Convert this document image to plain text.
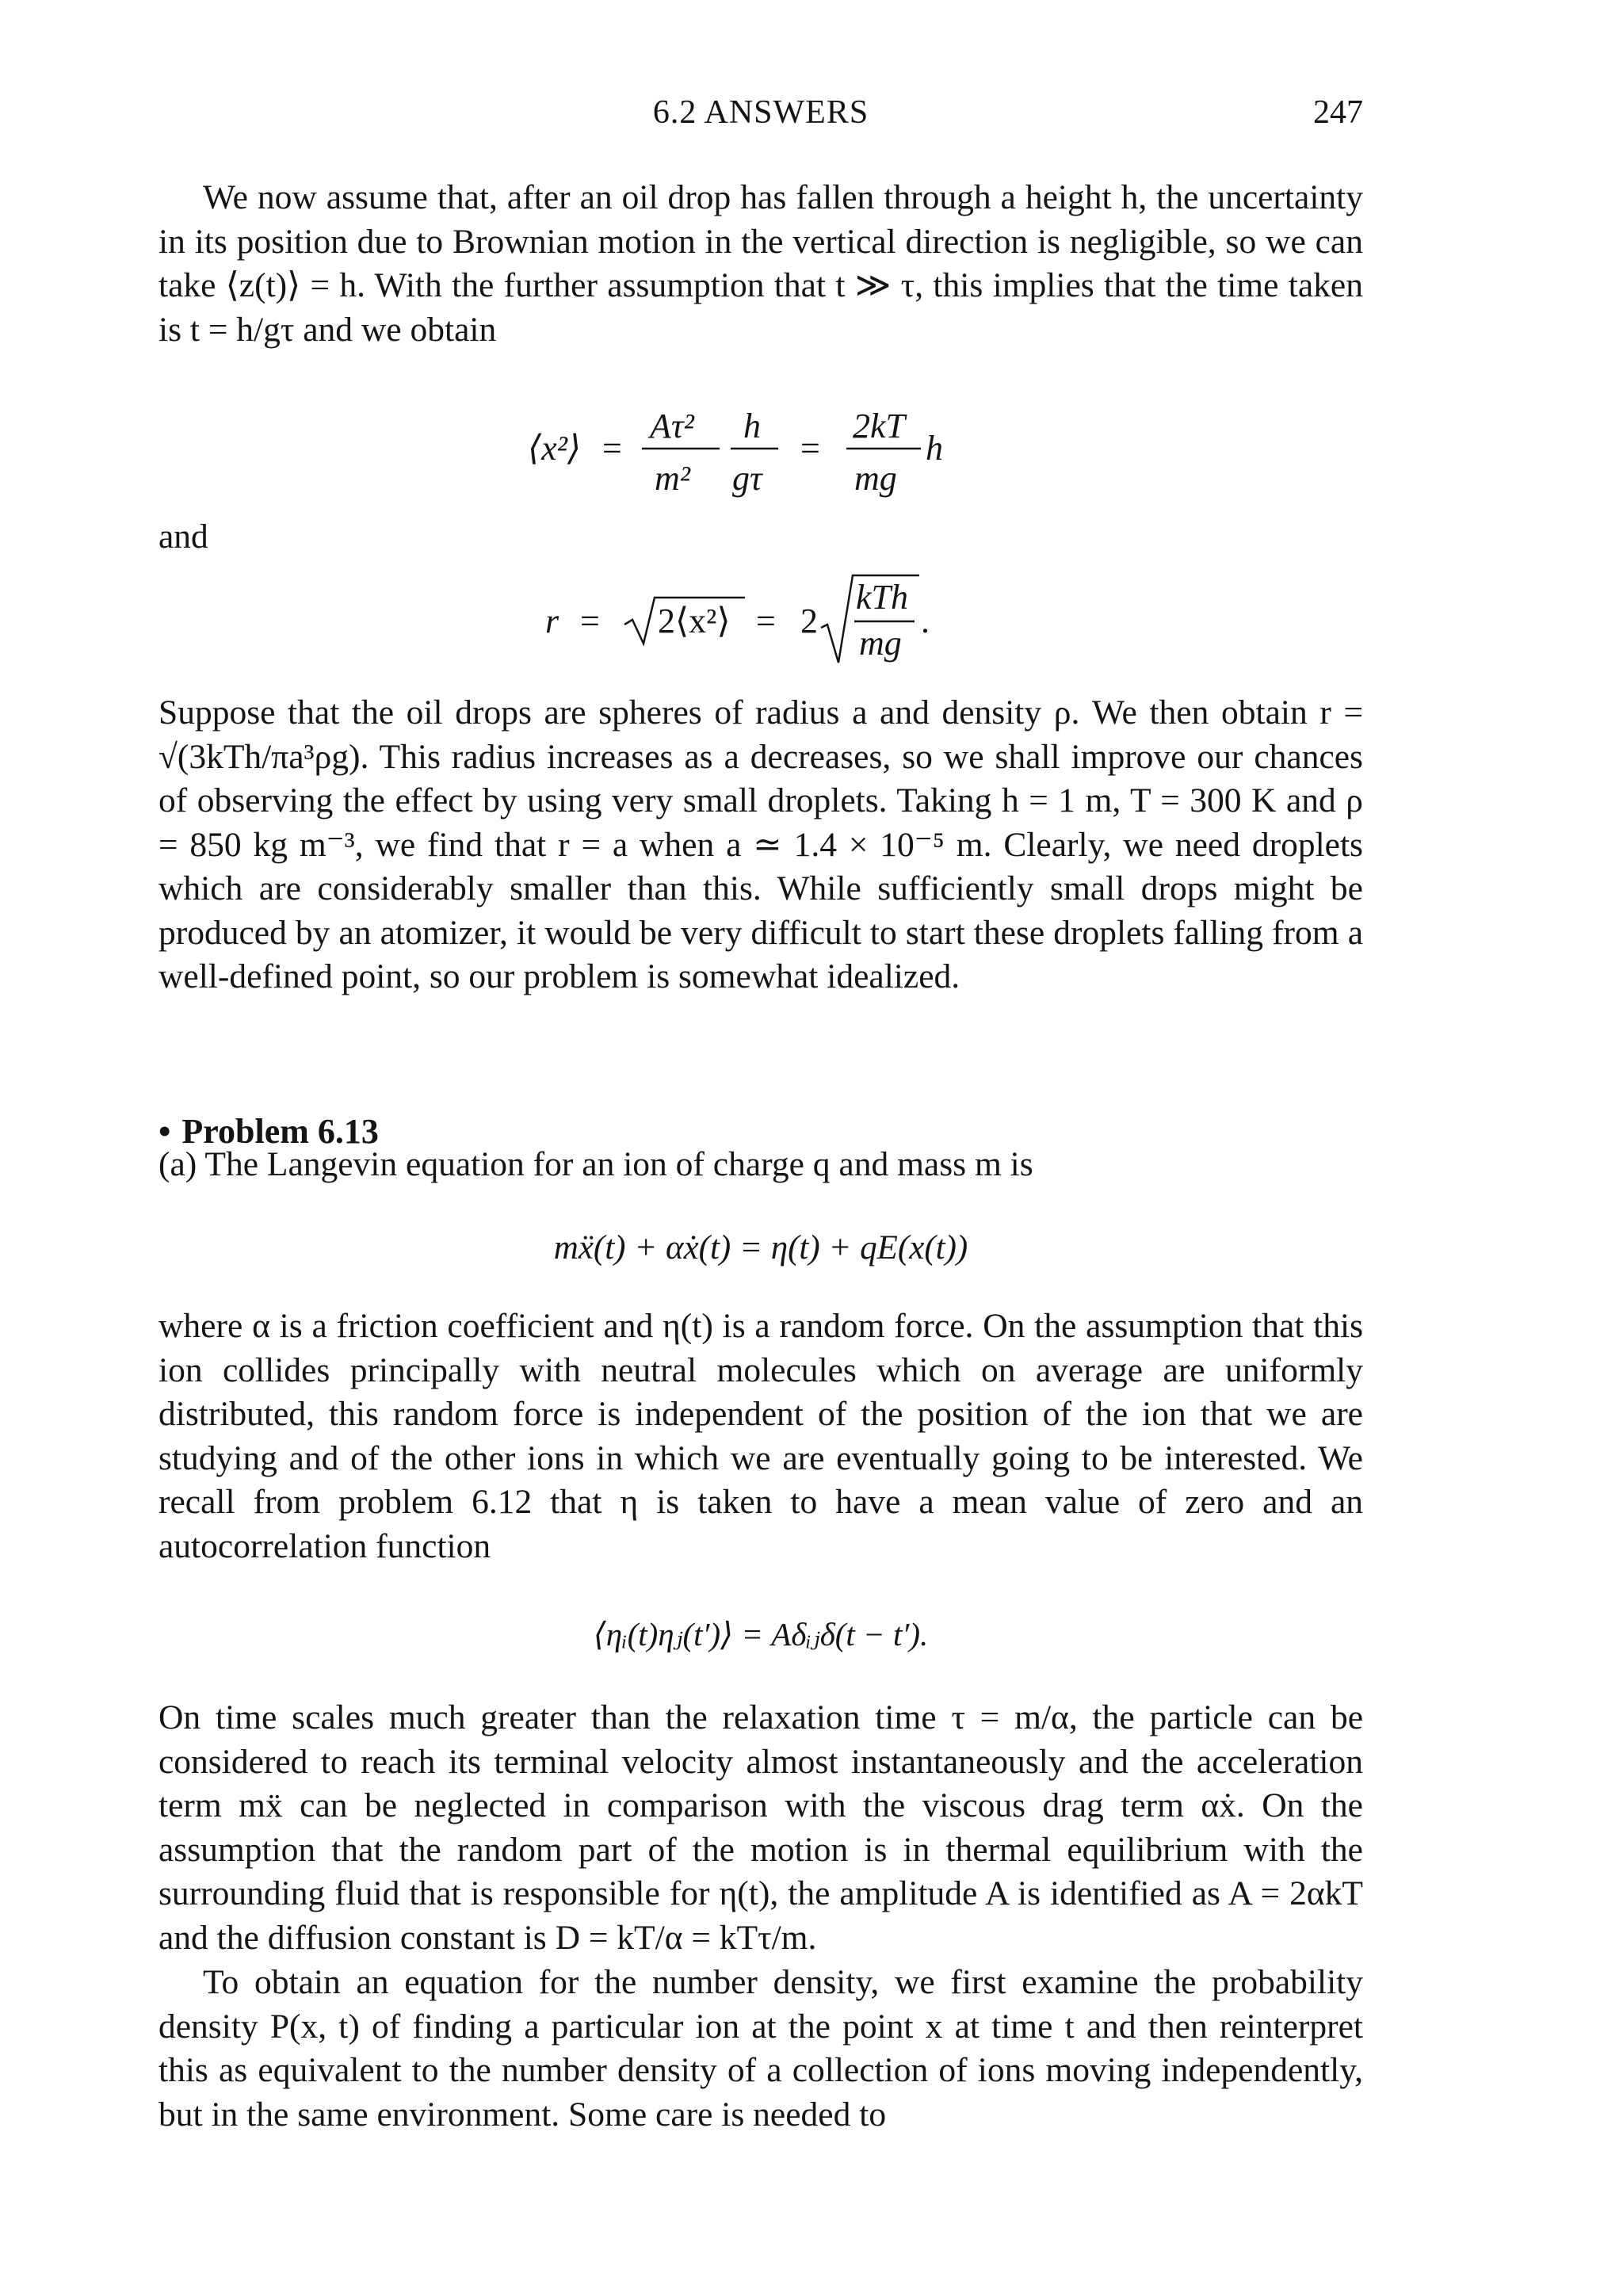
6.2 ANSWERS	247

We now assume that, after an oil drop has fallen through a height h, the uncertainty in its position due to Brownian motion in the vertical direction is negligible, so we can take ⟨z(t)⟩ = h. With the further assumption that t ≫ τ, this implies that the time taken is t = h/gτ and we obtain

⟨x²⟩ =
Aτ²
m²
h
gτ
=
2kT
mg
h
and
r = 2⟨x²⟩ = 2
kTh
mg
.

Suppose that the oil drops are spheres of radius a and density ρ. We then obtain r = √(3kTh/πa³ρg). This radius increases as a decreases, so we shall improve our chances of observing the effect by using very small droplets. Taking h = 1 m, T = 300 K and ρ = 850 kg m⁻³, we find that r = a when a ≃ 1.4 × 10⁻⁵ m. Clearly, we need droplets which are considerably smaller than this. While sufficiently small drops might be produced by an atomizer, it would be very difficult to start these droplets falling from a well-defined point, so our problem is somewhat idealized.

• Problem 6.13

(a) The Langevin equation for an ion of charge q and mass m is

mẍ(t) + αẋ(t) = η(t) + qE(x(t))

where α is a friction coefficient and η(t) is a random force. On the assumption that this ion collides principally with neutral molecules which on average are uniformly distributed, this random force is independent of the position of the ion that we are studying and of the other ions in which we are eventually going to be interested. We recall from problem 6.12 that η is taken to have a mean value of zero and an autocorrelation function

⟨ηᵢ(t)ηⱼ(t′)⟩ = Aδᵢⱼδ(t − t′).

On time scales much greater than the relaxation time τ = m/α, the particle can be considered to reach its terminal velocity almost instantaneously and the acceleration term mẍ can be neglected in comparison with the viscous drag term αẋ. On the assumption that the random part of the motion is in thermal equilibrium with the surrounding fluid that is responsible for η(t), the amplitude A is identified as A = 2αkT and the diffusion constant is D = kT/α = kTτ/m.

To obtain an equation for the number density, we first examine the probability density P(x, t) of finding a particular ion at the point x at time t and then reinterpret this as equivalent to the number density of a collection of ions moving independently, but in the same environment. Some care is needed to
